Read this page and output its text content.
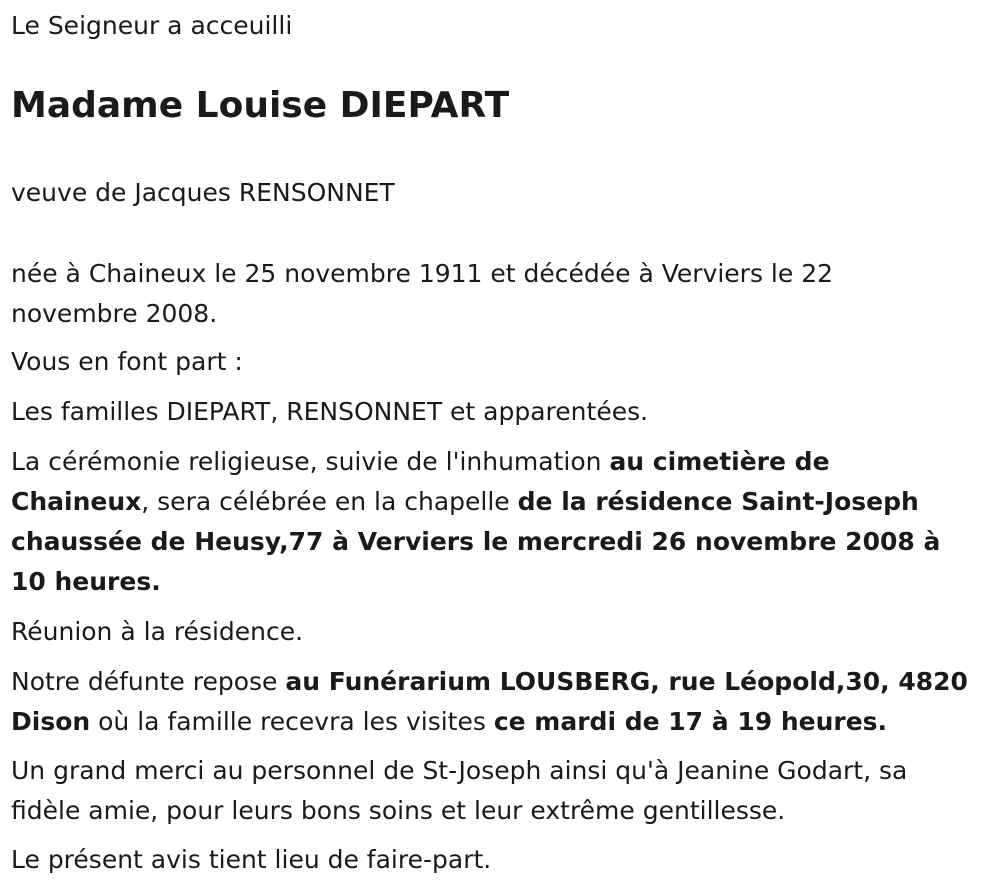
Le Seigneur a acceuilli

Madame Louise DIEPART

veuve de Jacques RENSONNET

née à Chaineux le 25 novembre 1911 et décédée à Verviers le 22 novembre 2008.

Vous en font part :

Les familles DIEPART, RENSONNET et apparentées.

La cérémonie religieuse, suivie de l'inhumation au cimetière de Chaineux, sera célébrée en la chapelle de la résidence Saint-Joseph chaussée de Heusy,77 à Verviers le mercredi 26 novembre 2008 à 10 heures.

Réunion à la résidence.

Notre défunte repose au Funérarium LOUSBERG, rue Léopold,30, 4820 Dison où la famille recevra les visites ce mardi de 17 à 19 heures.

Un grand merci au personnel de St-Joseph ainsi qu'à Jeanine Godart, sa fidèle amie, pour leurs bons soins et leur extrême gentillesse.

Le présent avis tient lieu de faire-part.
